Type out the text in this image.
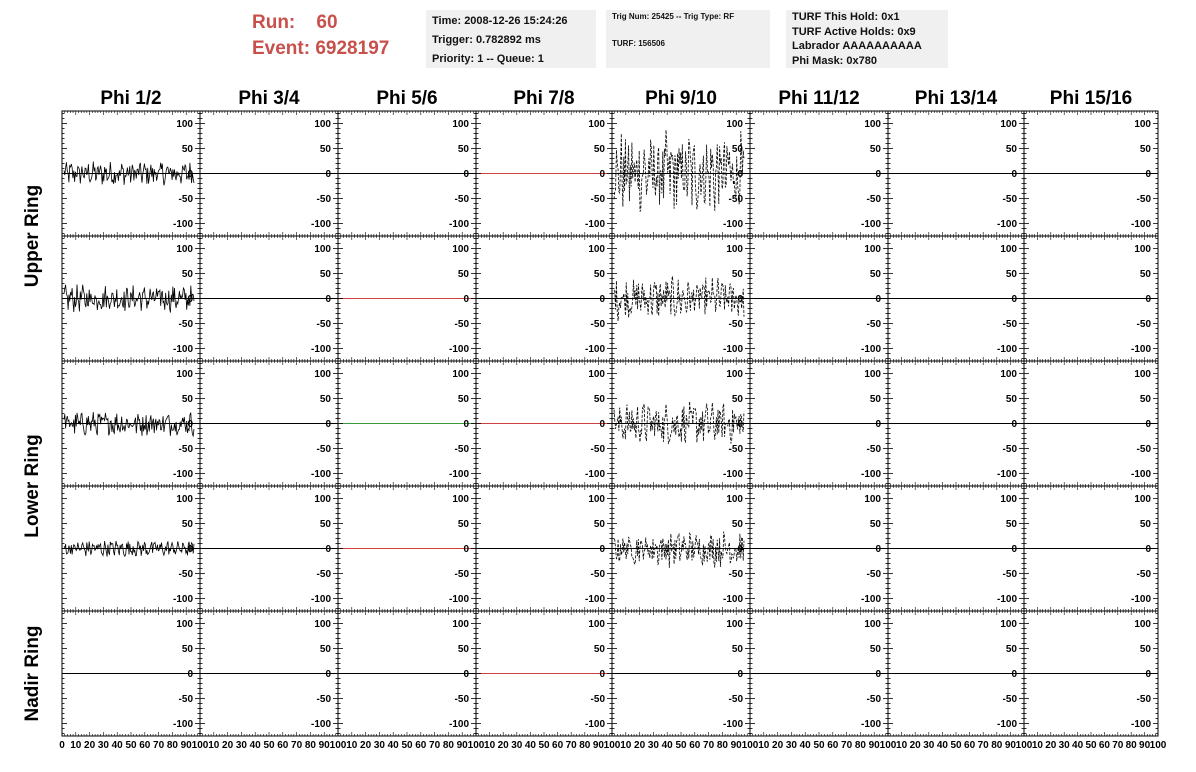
Run: 60
Event: 6928197
Time: 2008-12-26 15:24:26
Trigger: 0.782892 ms
Priority: 1 -- Queue: 1
Trig Num: 25425 -- Trig Type: RF
TURF: 156506
TURF This Hold: 0x1
TURF Active Holds: 0x9
Labrador AAAAAAAAAA
Phi Mask: 0x780
Phi 1/2	Phi 3/4	Phi 5/6	Phi 7/8	Phi 9/10	Phi 11/12	Phi 13/14	Phi 15/16
Upper Ring
Lower Ring
Nadir Ring
100
50
0
-50
-100
100
50
0
-50
-100
100
50
0
-50
-100
100
50
0
-50
-100
100
50
0
-50
-100
100
50
0
-50
-100
100
50
0
-50
-100
100
50
0
-50
-100
100
50
0
-50
-100
100
50
0
-50
-100
100
50
0
-50
-100
100
50
0
-50
-100
100
50
0
-50
-100
100
50
0
-50
-100
100
50
0
-50
-100
100
50
0
-50
-100
100
50
0
-50
-100
100
50
0
-50
-100
100
50
0
-50
-100
100
50
0
-50
-100
100
50
0
-50
-100
100
50
0
-50
-100
100
50
0
-50
-100
100
50
0
-50
-100
100
50
0
-50
-100
100
50
0
-50
-100
100
50
0
-50
-100
100
50
0
-50
-100
100
50
0
-50
-100
100
50
0
-50
-100
100
50
0
-50
-100
100
50
0
-50
-100
100
50
0
-50
-100
100
50
0
-50
-100
100
50
0
-50
-100
100
50
0
-50
-100
100
50
0
-50
-100
100
50
0
-50
-100
100
50
0
-50
-100
100
50
0
-50
-100
0 10 20 30 40 50 60 70 80 90 100 10 20 30 40 50 60 70 80 90 100 10 20 30 40 50 60 70 80 90 100 10 20 30 40 50 60 70 80 90 100 10 20 30 40 50 60 70 80 90 100 10 20 30 40 50 60 70 80 90 100 10 20 30 40 50 60 70 80 90 100 10 20 30 40 50 60 70 80 90 100
